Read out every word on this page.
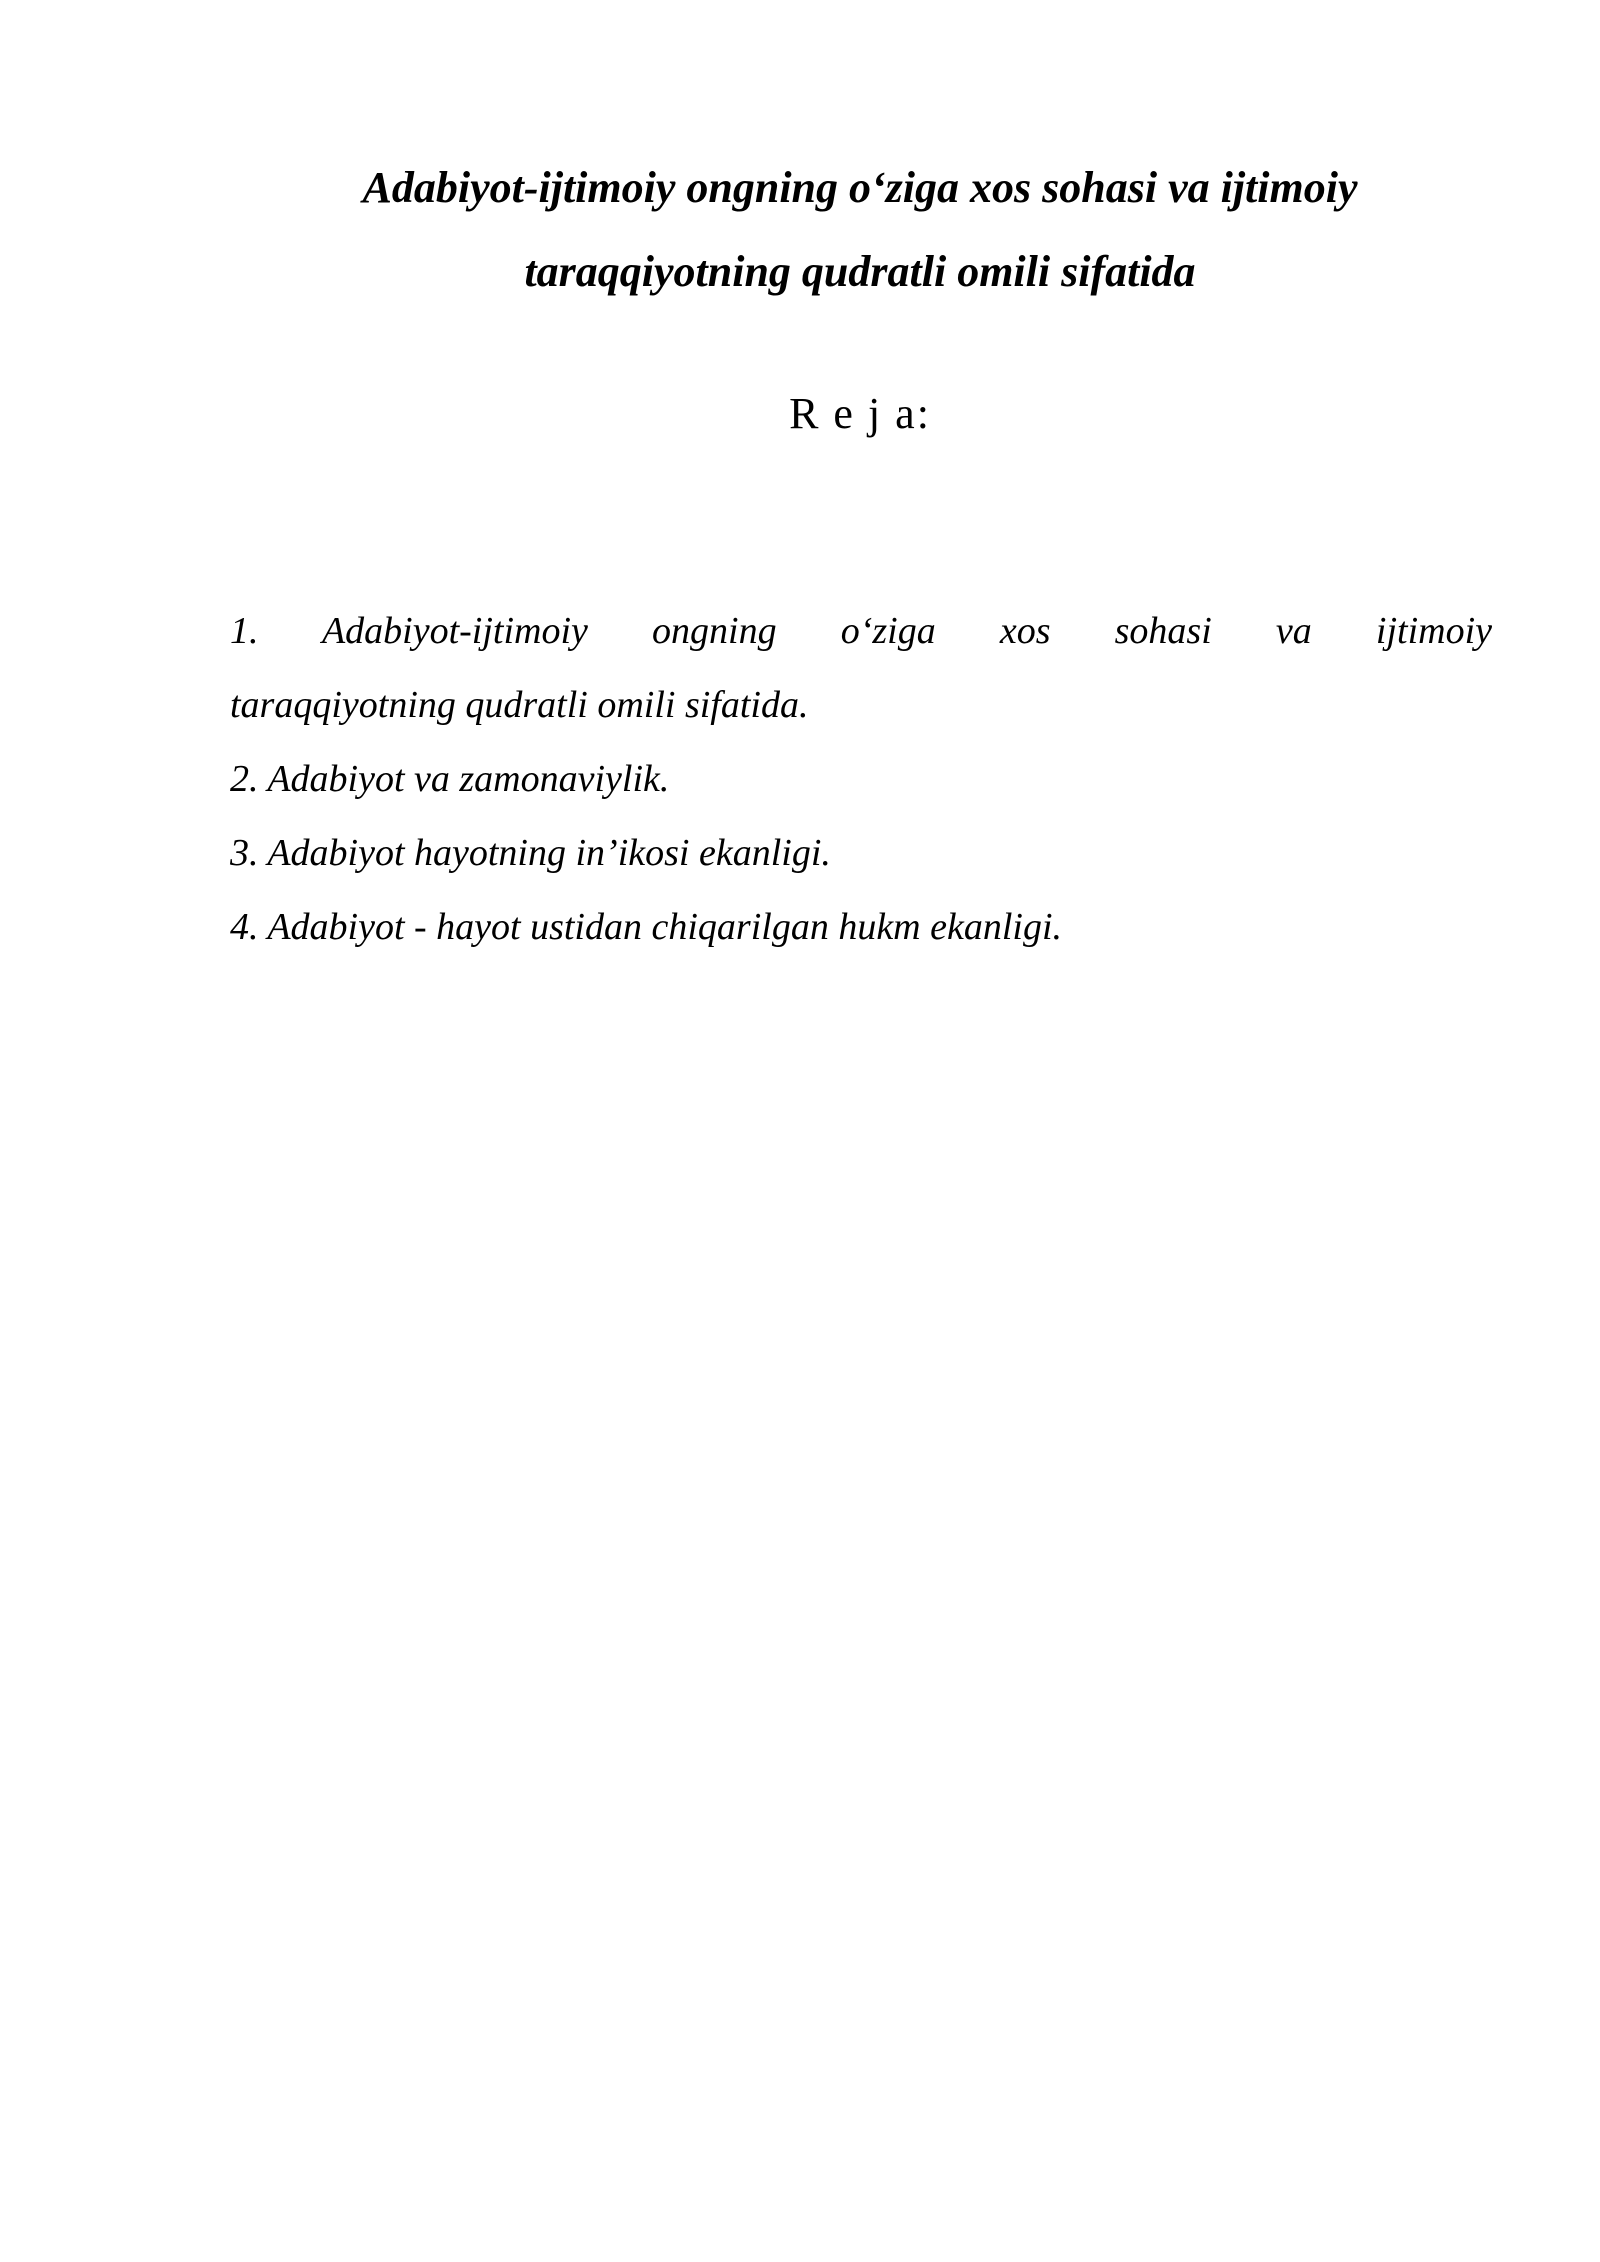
Adabiyot-ijtimoiy ongning o‘ziga xos sohasi va ijtimoiy
taraqqiyotning qudratli omili sifatida
R e j a:
1. Adabiyot-ijtimoiy ongning o‘ziga xos sohasi va ijtimoiy
taraqqiyotning qudratli omili sifatida.
2. Adabiyot va zamonaviylik.
3. Adabiyot hayotning in’ikosi ekanligi.
4. Adabiyot - hayot ustidan chiqarilgan hukm ekanligi.
